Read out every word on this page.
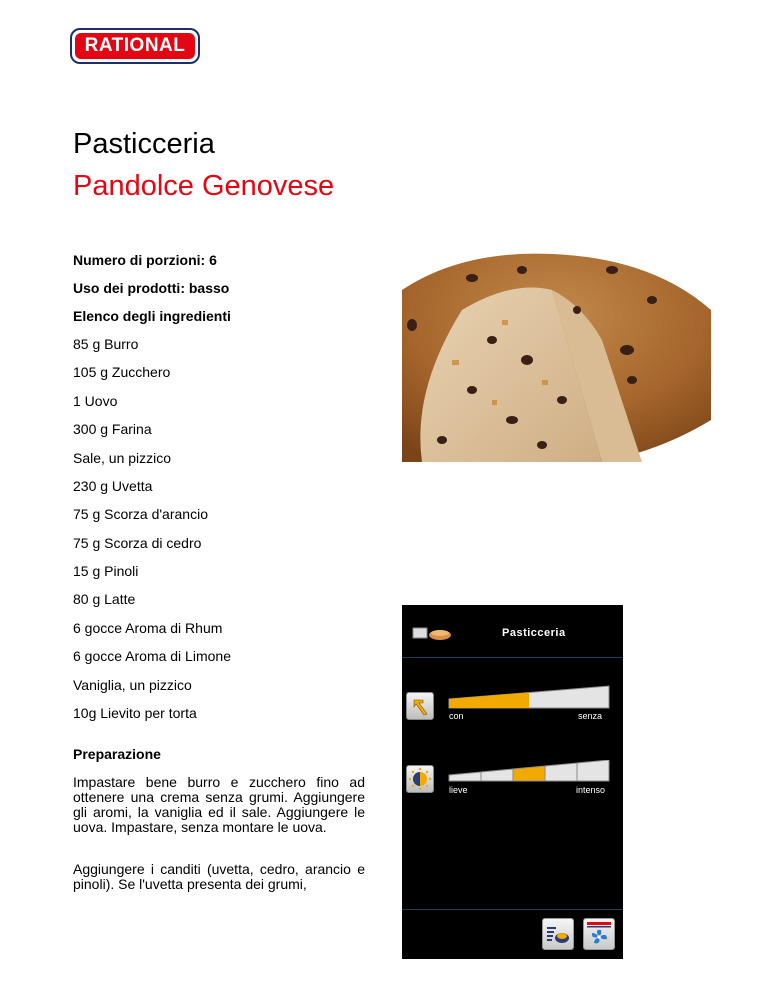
RATIONAL
Pasticceria
Pandolce Genovese
Numero di porzioni: 6
Uso dei prodotti: basso
Elenco degli ingredienti
85 g Burro
105 g Zucchero
1 Uovo
300 g Farina
Sale, un pizzico
230 g Uvetta
75 g Scorza d'arancio
75 g Scorza di cedro
15 g Pinoli
80 g Latte
6 gocce Aroma di Rhum
6 gocce Aroma di Limone
Vaniglia, un pizzico
10g Lievito per torta
Preparazione

Impastare bene burro e zucchero fino ad ottenere una crema senza grumi. Aggiungere gli aromi, la vaniglia ed il sale. Aggiungere le uova. Impastare, senza montare le uova.

Aggiungere i canditi (uvetta, cedro, arancio e pinoli). Se l'uvetta presenta dei grumi,

Pasticceria
con	senza
lieve	intenso
